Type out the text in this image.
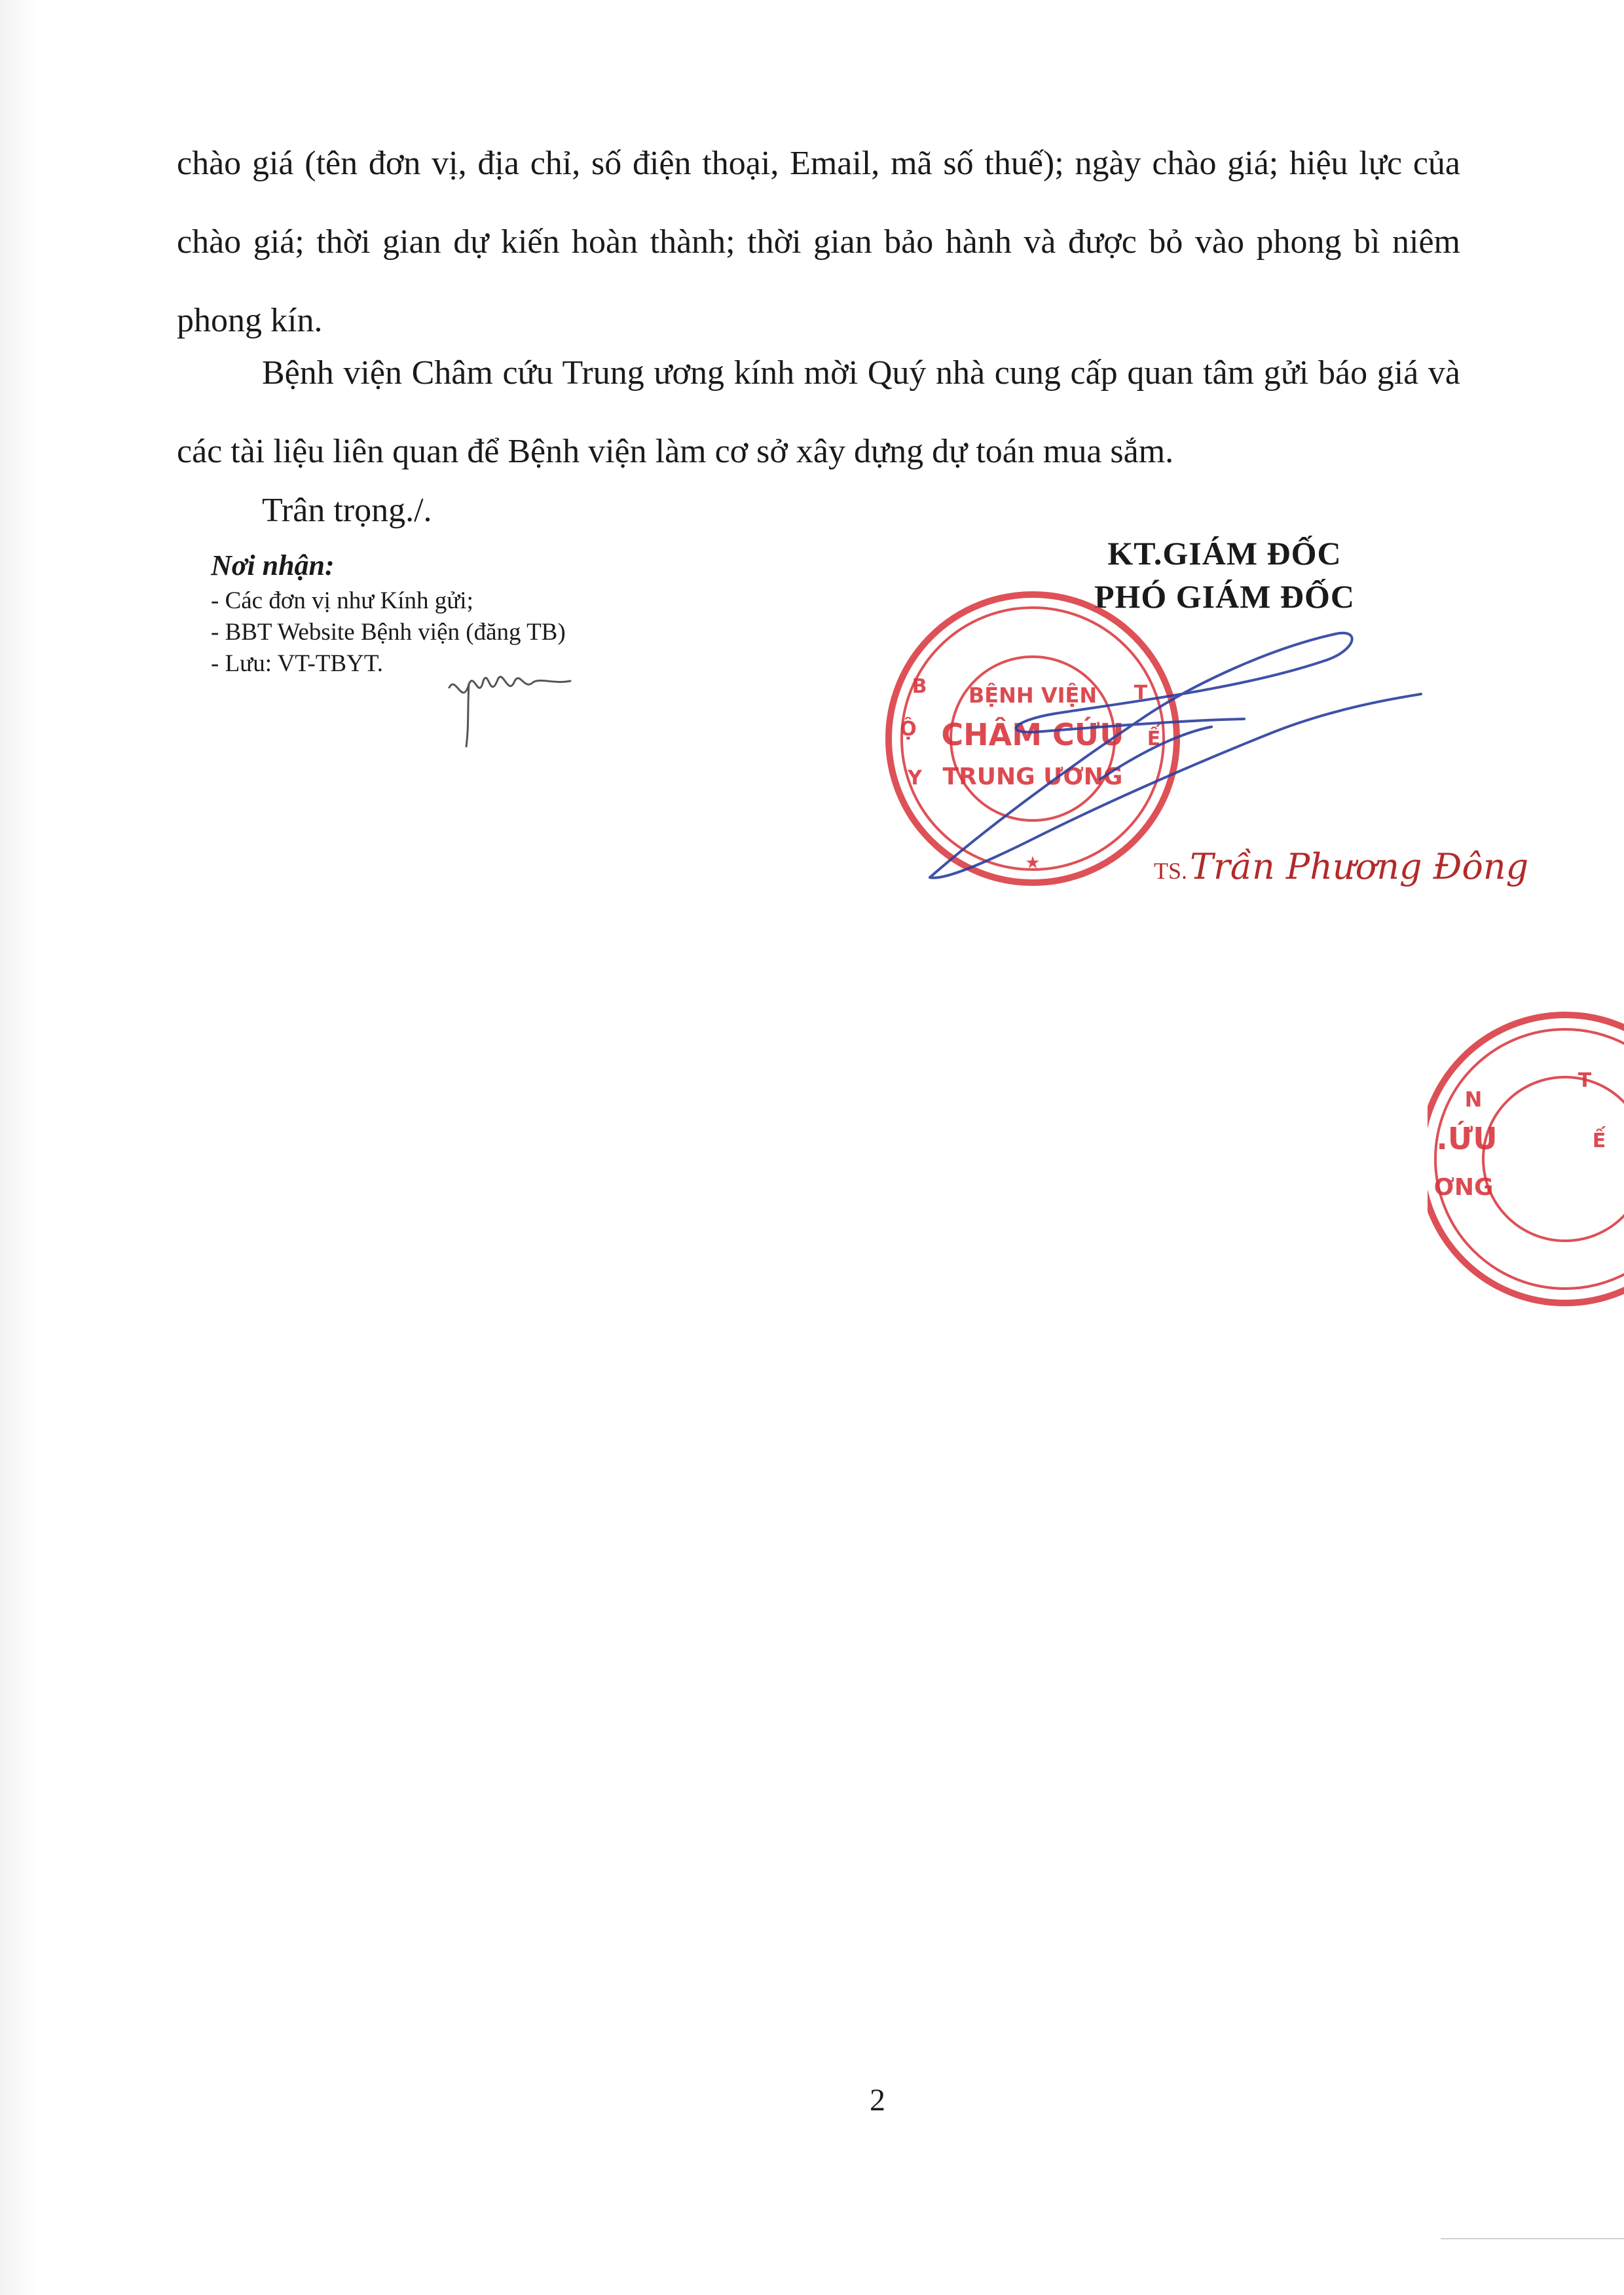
chào giá (tên đơn vị, địa chỉ, số điện thoại, Email, mã số thuế); ngày chào giá; hiệu lực của chào giá; thời gian dự kiến hoàn thành; thời gian bảo hành và được bỏ vào phong bì niêm phong kín.

Bệnh viện Châm cứu Trung ương kính mời Quý nhà cung cấp quan tâm gửi báo giá và các tài liệu liên quan để Bệnh viện làm cơ sở xây dựng dự toán mua sắm.

Trân trọng./.

Nơi nhận:

- Các đơn vị như Kính gửi;

- BBT Website Bệnh viện (đăng TB)

- Lưu: VT-TBYT.

KT.GIÁM ĐỐC

PHÓ GIÁM ĐỐC

BỆNH VIỆN
CHÂM CỨU
TRUNG ƯƠNG
B
Ộ
Y
T
Ế
★	TS. Trần Phương Đông
N
.ỨU
ƠNG
T
Ế
2
